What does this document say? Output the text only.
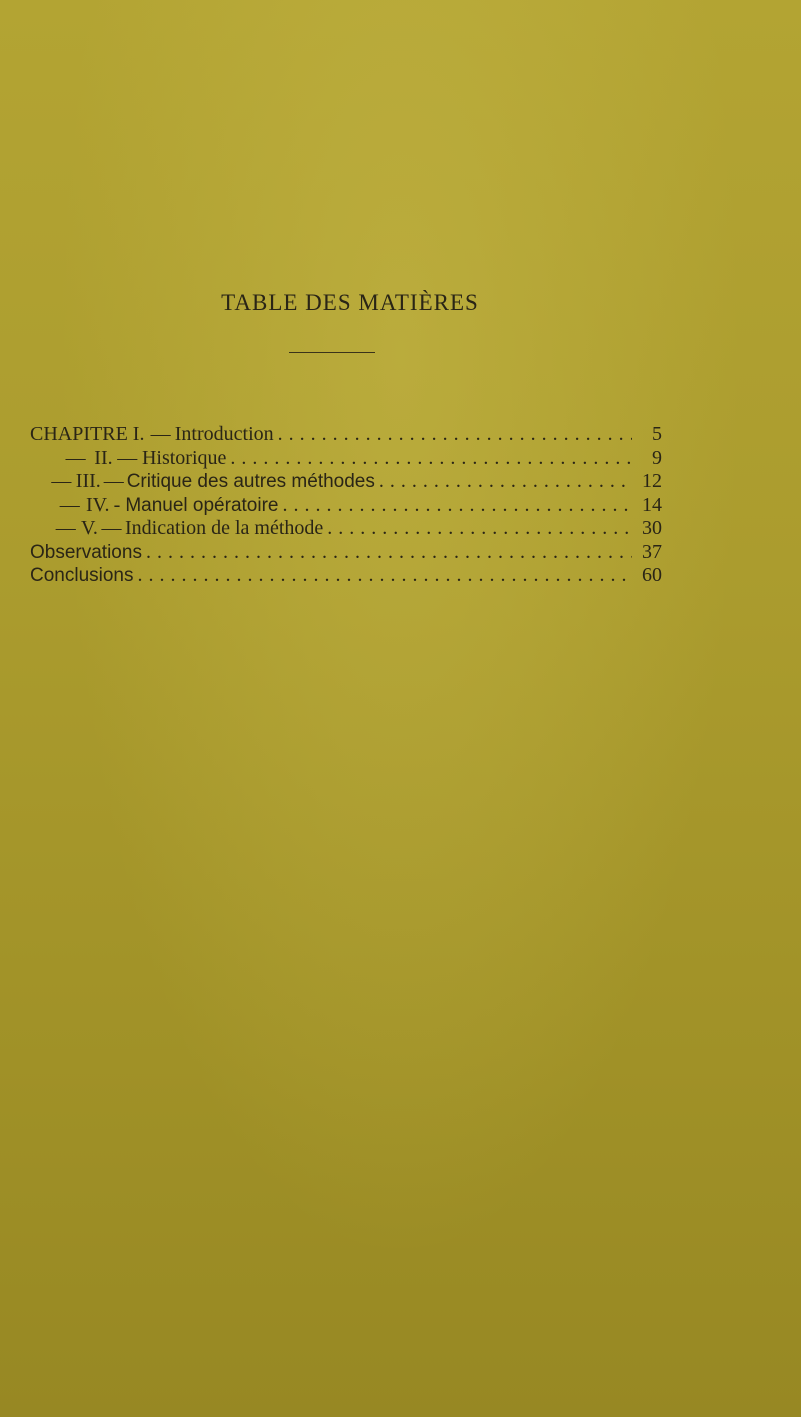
TABLE DES MATIÈRES
CHAPITRE I. — Introduction . . .	5
— II. — Historique . . .	9
— III. — Critique des autres méthodes . . .	12
— IV. - Manuel opératoire . . .	14
— V. — Indication de la méthode . . .	30
Observations . . .	37
Conclusions . . .	60
